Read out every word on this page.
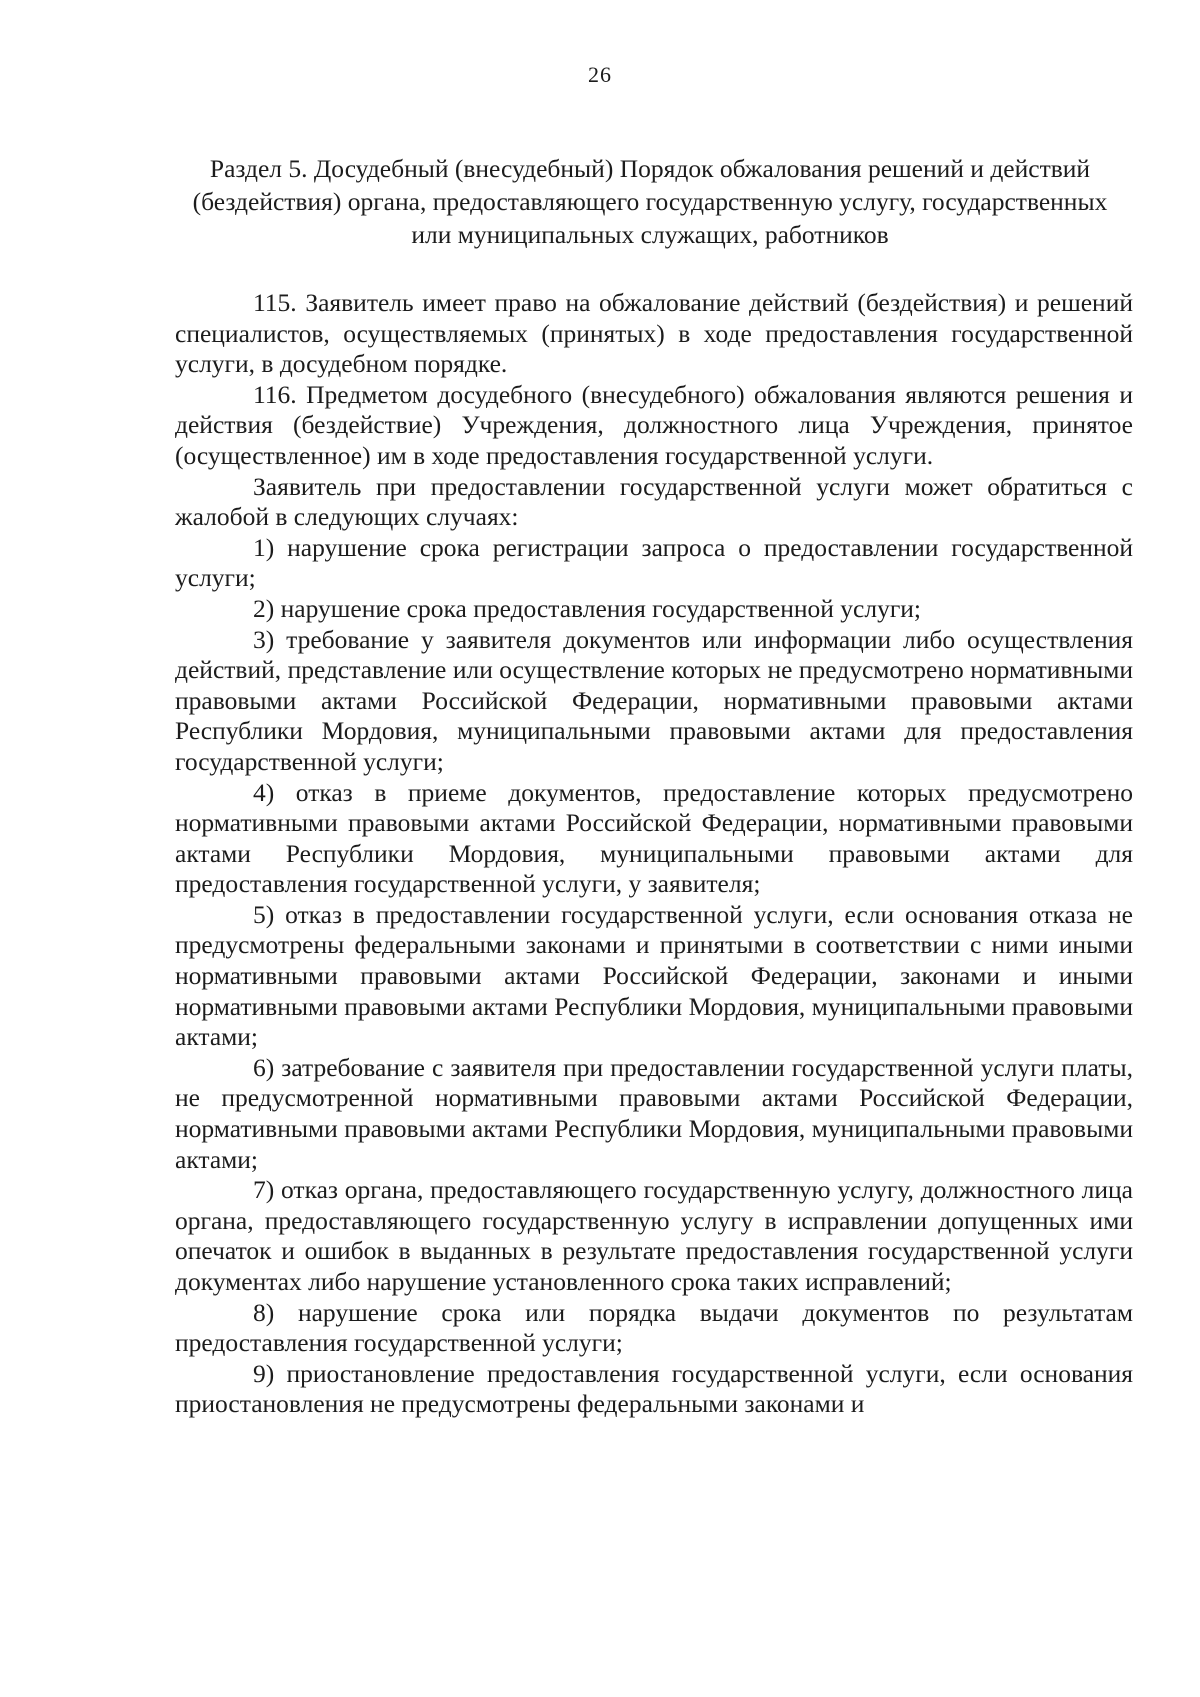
26
Раздел 5. Досудебный (внесудебный) Порядок обжалования решений и действий (бездействия) органа, предоставляющего государственную услугу, государственных или муниципальных служащих, работников

115. Заявитель имеет право на обжалование действий (бездействия) и решений специалистов, осуществляемых (принятых) в ходе предоставления государственной услуги, в досудебном порядке.

116. Предметом досудебного (внесудебного) обжалования являются решения и действия (бездействие) Учреждения, должностного лица Учреждения, принятое (осуществленное) им в ходе предоставления государственной услуги.

Заявитель при предоставлении государственной услуги может обратиться с жалобой в следующих случаях:

1) нарушение срока регистрации запроса о предоставлении государственной услуги;

2) нарушение срока предоставления государственной услуги;

3) требование у заявителя документов или информации либо осуществления действий, представление или осуществление которых не предусмотрено нормативными правовыми актами Российской Федерации, нормативными правовыми актами Республики Мордовия, муниципальными правовыми актами для предоставления государственной услуги;

4) отказ в приеме документов, предоставление которых предусмотрено нормативными правовыми актами Российской Федерации, нормативными правовыми актами Республики Мордовия, муниципальными правовыми актами для предоставления государственной услуги, у заявителя;

5) отказ в предоставлении государственной услуги, если основания отказа не предусмотрены федеральными законами и принятыми в соответствии с ними иными нормативными правовыми актами Российской Федерации, законами и иными нормативными правовыми актами Республики Мордовия, муниципальными правовыми актами;

6) затребование с заявителя при предоставлении государственной услуги платы, не предусмотренной нормативными правовыми актами Российской Федерации, нормативными правовыми актами Республики Мордовия, муниципальными правовыми актами;

7) отказ органа, предоставляющего государственную услугу, должностного лица органа, предоставляющего государственную услугу в исправлении допущенных ими опечаток и ошибок в выданных в результате предоставления государственной услуги документах либо нарушение установленного срока таких исправлений;

8) нарушение срока или порядка выдачи документов по результатам предоставления государственной услуги;

9) приостановление предоставления государственной услуги, если основания приостановления не предусмотрены федеральными законами и
